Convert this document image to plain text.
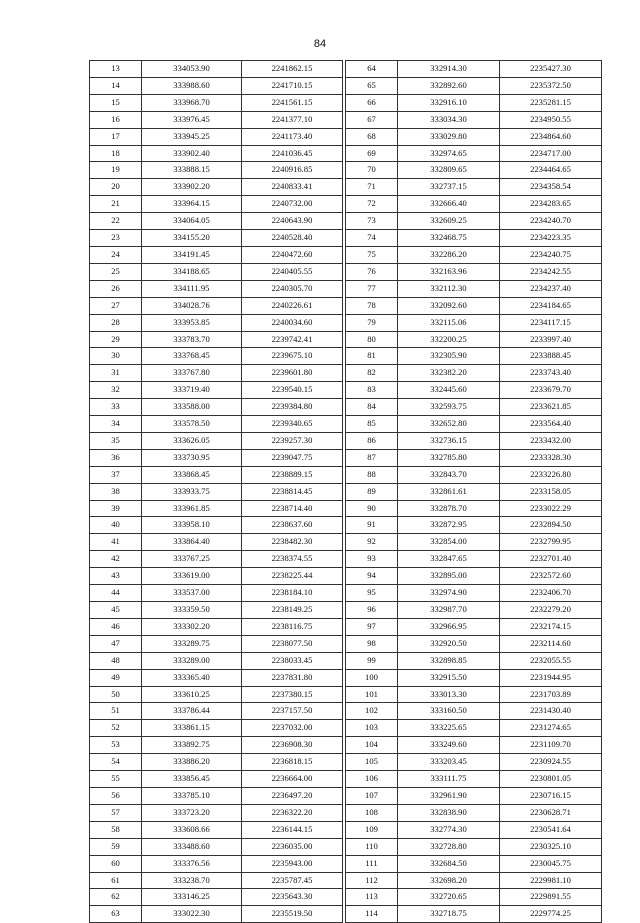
84
13	334053.90	2241862.15
14	333988.60	2241710.15
15	333968.70	2241561.15
16	333976.45	2241377.10
17	333945.25	2241173.40
18	333902.40	2241036.45
19	333888.15	2240916.85
20	333902.20	2240833.41
21	333964.15	2240732.00
22	334064.05	2240643.90
23	334155.20	2240528.40
24	334191.45	2240472.60
25	334188.65	2240405.55
26	334111.95	2240305.70
27	334028.76	2240226.61
28	333953.85	2240034.60
29	333783.70	2239742.41
30	333768.45	2239675.10
31	333767.80	2239601.80
32	333719.40	2239540.15
33	333588.00	2239384.80
34	333578.50	2239340.65
35	333626.05	2239257.30
36	333730.95	2239047.75
37	333868.45	2238889.15
38	333933.75	2238814.45
39	333961.85	2238714.40
40	333958.10	2238637.60
41	333864.40	2238482.30
42	333767.25	2238374.55
43	333619.00	2238225.44
44	333537.00	2238184.10
45	333359.50	2238149.25
46	333302.20	2238116.75
47	333289.75	2238077.50
48	333289.00	2238033.45
49	333365.40	2237831.80
50	333610.25	2237380.15
51	333786.44	2237157.50
52	333861.15	2237032.00
53	333892.75	2236908.30
54	333886.20	2236818.15
55	333856.45	2236664.00
56	333785.10	2236497.20
57	333723.20	2236322.20
58	333608.66	2236144.15
59	333488.60	2236035.00
60	333376.56	2235943.00
61	333238.70	2235787.45
62	333146.25	2235643.30
63	333022.30	2235519.50
64	332914.30	2235427.30
65	332892.60	2235372.50
66	332916.10	2235281.15
67	333034.30	2234950.55
68	333029.80	2234864.60
69	332974.65	2234717.00
70	332809.65	2234464.65
71	332737.15	2234358.54
72	332666.40	2234283.65
73	332609.25	2234240.70
74	332468.75	2234223.35
75	332286.20	2234240.75
76	332163.96	2234242.55
77	332112.30	2234237.40
78	332092.60	2234184.65
79	332115.06	2234117.15
80	332200.25	2233997.40
81	332305.90	2233888.45
82	332382.20	2233743.40
83	332445.60	2233679.70
84	332593.75	2233621.85
85	332652.80	2233564.40
86	332736.15	2233432.00
87	332785.80	2233328.30
88	332843.70	2233226.80
89	332861.61	2233158.05
90	332878.70	2233022.29
91	332872.95	2232894.50
92	332854.00	2232799.95
93	332847.65	2232701.40
94	332895.00	2232572.60
95	332974.90	2232406.70
96	332987.70	2232279.20
97	332966.95	2232174.15
98	332920.50	2232114.60
99	332898.85	2232055.55
100	332915.50	2231944.95
101	333013.30	2231703.89
102	333160.50	2231430.40
103	333225.65	2231274.65
104	333249.60	2231109.70
105	333203.45	2230924.55
106	333111.75	2230801.05
107	332961.90	2230716.15
108	332838.90	2230628.71
109	332774.30	2230541.64
110	332728.80	2230325.10
111	332684.50	2230045.75
112	332698.20	2229981.10
113	332720.65	2229891.55
114	332718.75	2229774.25
